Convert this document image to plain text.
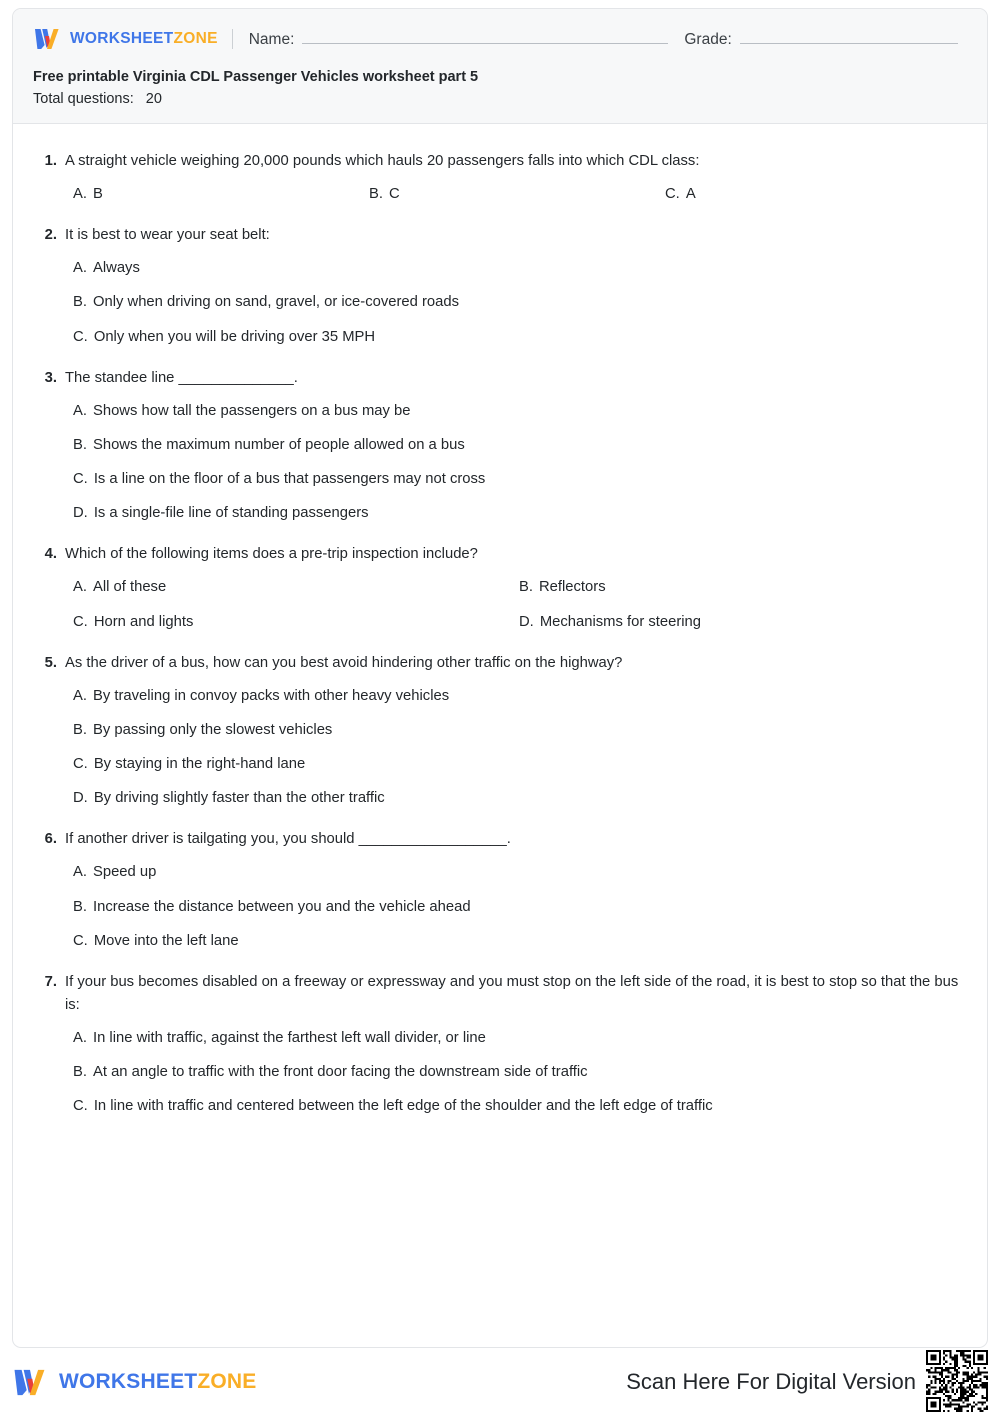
WORKSHEETZONE Name:	Grade:
Free printable Virginia CDL Passenger Vehicles worksheet part 5
Total questions: 20
1. A straight vehicle weighing 20,000 pounds which hauls 20 passengers falls into which CDL class:
A. B	B. C	C. A
2. It is best to wear your seat belt:
A. Always
B. Only when driving on sand, gravel, or ice-covered roads
C. Only when you will be driving over 35 MPH
3. The standee line ______________.
A. Shows how tall the passengers on a bus may be
B. Shows the maximum number of people allowed on a bus
C. Is a line on the floor of a bus that passengers may not cross
D. Is a single-file line of standing passengers
4. Which of the following items does a pre-trip inspection include?
A. All of these	B. Reflectors
C. Horn and lights	D. Mechanisms for steering
5. As the driver of a bus, how can you best avoid hindering other traffic on the highway?
A. By traveling in convoy packs with other heavy vehicles
B. By passing only the slowest vehicles
C. By staying in the right-hand lane
D. By driving slightly faster than the other traffic
6. If another driver is tailgating you, you should __________________.
A. Speed up
B. Increase the distance between you and the vehicle ahead
C. Move into the left lane
7. If your bus becomes disabled on a freeway or expressway and you must stop on the left side of the road, it is best to stop so that the bus is:
A. In line with traffic, against the farthest left wall divider, or line
B. At an angle to traffic with the front door facing the downstream side of traffic
C. In line with traffic and centered between the left edge of the shoulder and the left edge of traffic
WORKSHEETZONE	Scan Here For Digital Version
